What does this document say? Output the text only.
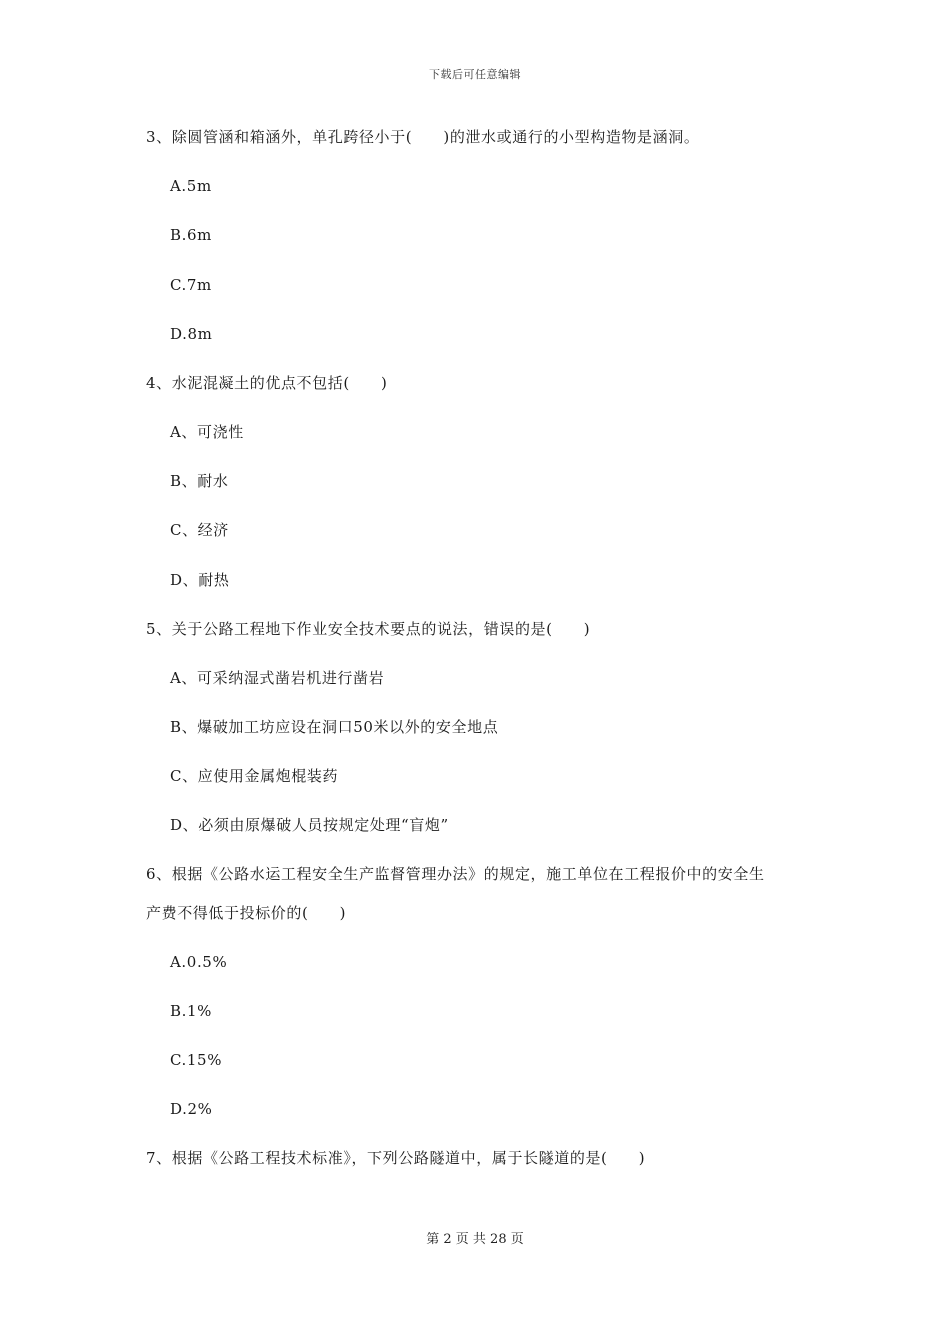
下载后可任意编辑
3、除圆管涵和箱涵外，单孔跨径小于(　　)的泄水或通行的小型构造物是涵洞。
A.5m
B.6m
C.7m
D.8m
4、水泥混凝土的优点不包括(　　)
A、可浇性
B、耐水
C、经济
D、耐热
5、关于公路工程地下作业安全技术要点的说法，错误的是(　　)
A、可采纳湿式凿岩机进行凿岩
B、爆破加工坊应设在洞口50米以外的安全地点
C、应使用金属炮棍装药
D、必须由原爆破人员按规定处理“盲炮”
6、根据《公路水运工程安全生产监督管理办法》的规定，施工单位在工程报价中的安全生
产费不得低于投标价的(　　)
A.0.5%
B.1%
C.15%
D.2%
7、根据《公路工程技术标准》，下列公路隧道中，属于长隧道的是(　　)
第 2 页 共 28 页
